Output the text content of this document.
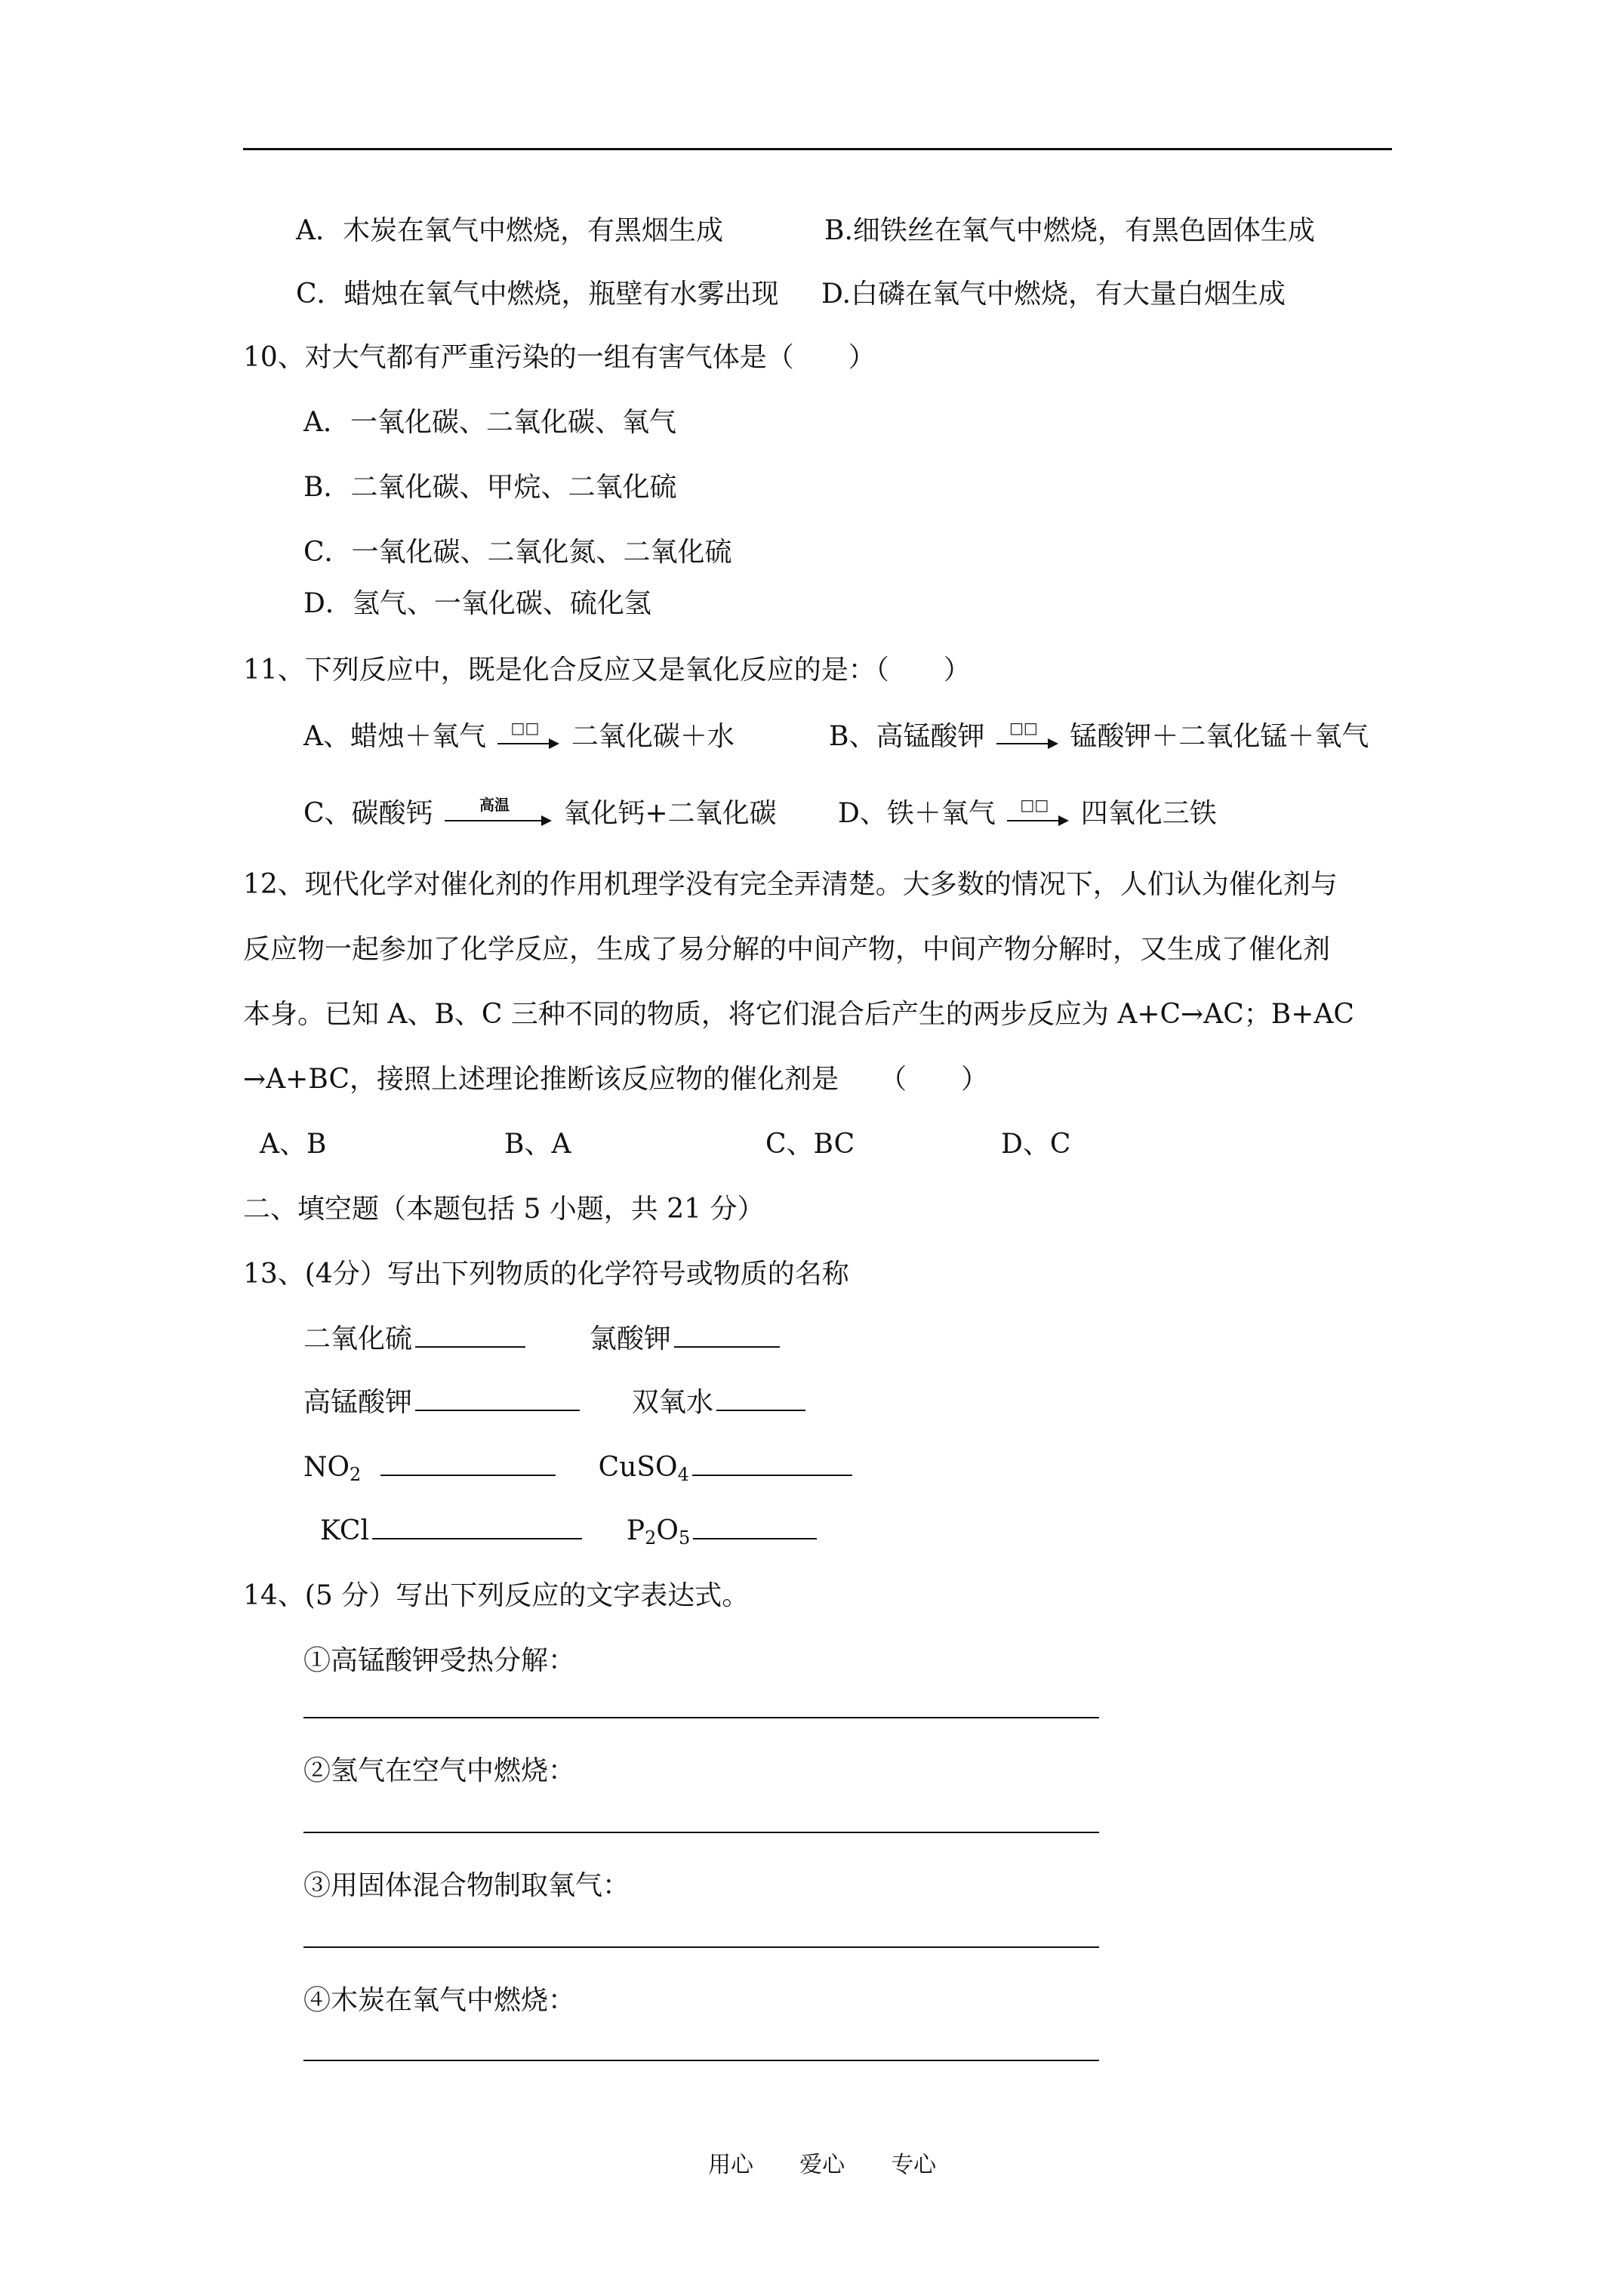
A．木炭在氧气中燃烧，有黑烟生成	B.细铁丝在氧气中燃烧，有黑色固体生成
C．蜡烛在氧气中燃烧，瓶壁有水雾出现 D.白磷在氧气中燃烧，有大量白烟生成
10、对大气都有严重污染的一组有害气体是（　　）
A．一氧化碳、二氧化碳、氧气
B．二氧化碳、甲烷、二氧化硫
C．一氧化碳、二氧化氮、二氧化硫
D．氢气、一氧化碳、硫化氢
11、下列反应中，既是化合反应又是氧化反应的是：（　　）
A、蜡烛＋氧气	□□	二氧化碳＋水	B、高锰酸钾	□□	锰酸钾＋二氧化锰＋氧气
C、碳酸钙	高温	氧化钙+二氧化碳 D、铁＋氧气	□□	四氧化三铁
12、现代化学对催化剂的作用机理学没有完全弄清楚。大多数的情况下，人们认为催化剂与
反应物一起参加了化学反应，生成了易分解的中间产物，中间产物分解时，又生成了催化剂
本身。已知 A、B、C 三种不同的物质，将它们混合后产生的两步反应为 A+C→AC；B+AC
→A+BC，接照上述理论推断该反应物的催化剂是　　（　　）
A、B	B、A	C、BC	D、C
二、填空题（本题包括 5 小题，共 21 分）
13、(4分）写出下列物质的化学符号或物质的名称
二氧化硫	氯酸钾
高锰酸钾	双氧水
$NO_2$	CuSO$_4$
KCl	$P_2O_5$
14、(5 分）写出下列反应的文字表达式。
①高锰酸钾受热分解：
②氢气在空气中燃烧：
③用固体混合物制取氧气：
④木炭在氧气中燃烧：
用心 爱心 专心
